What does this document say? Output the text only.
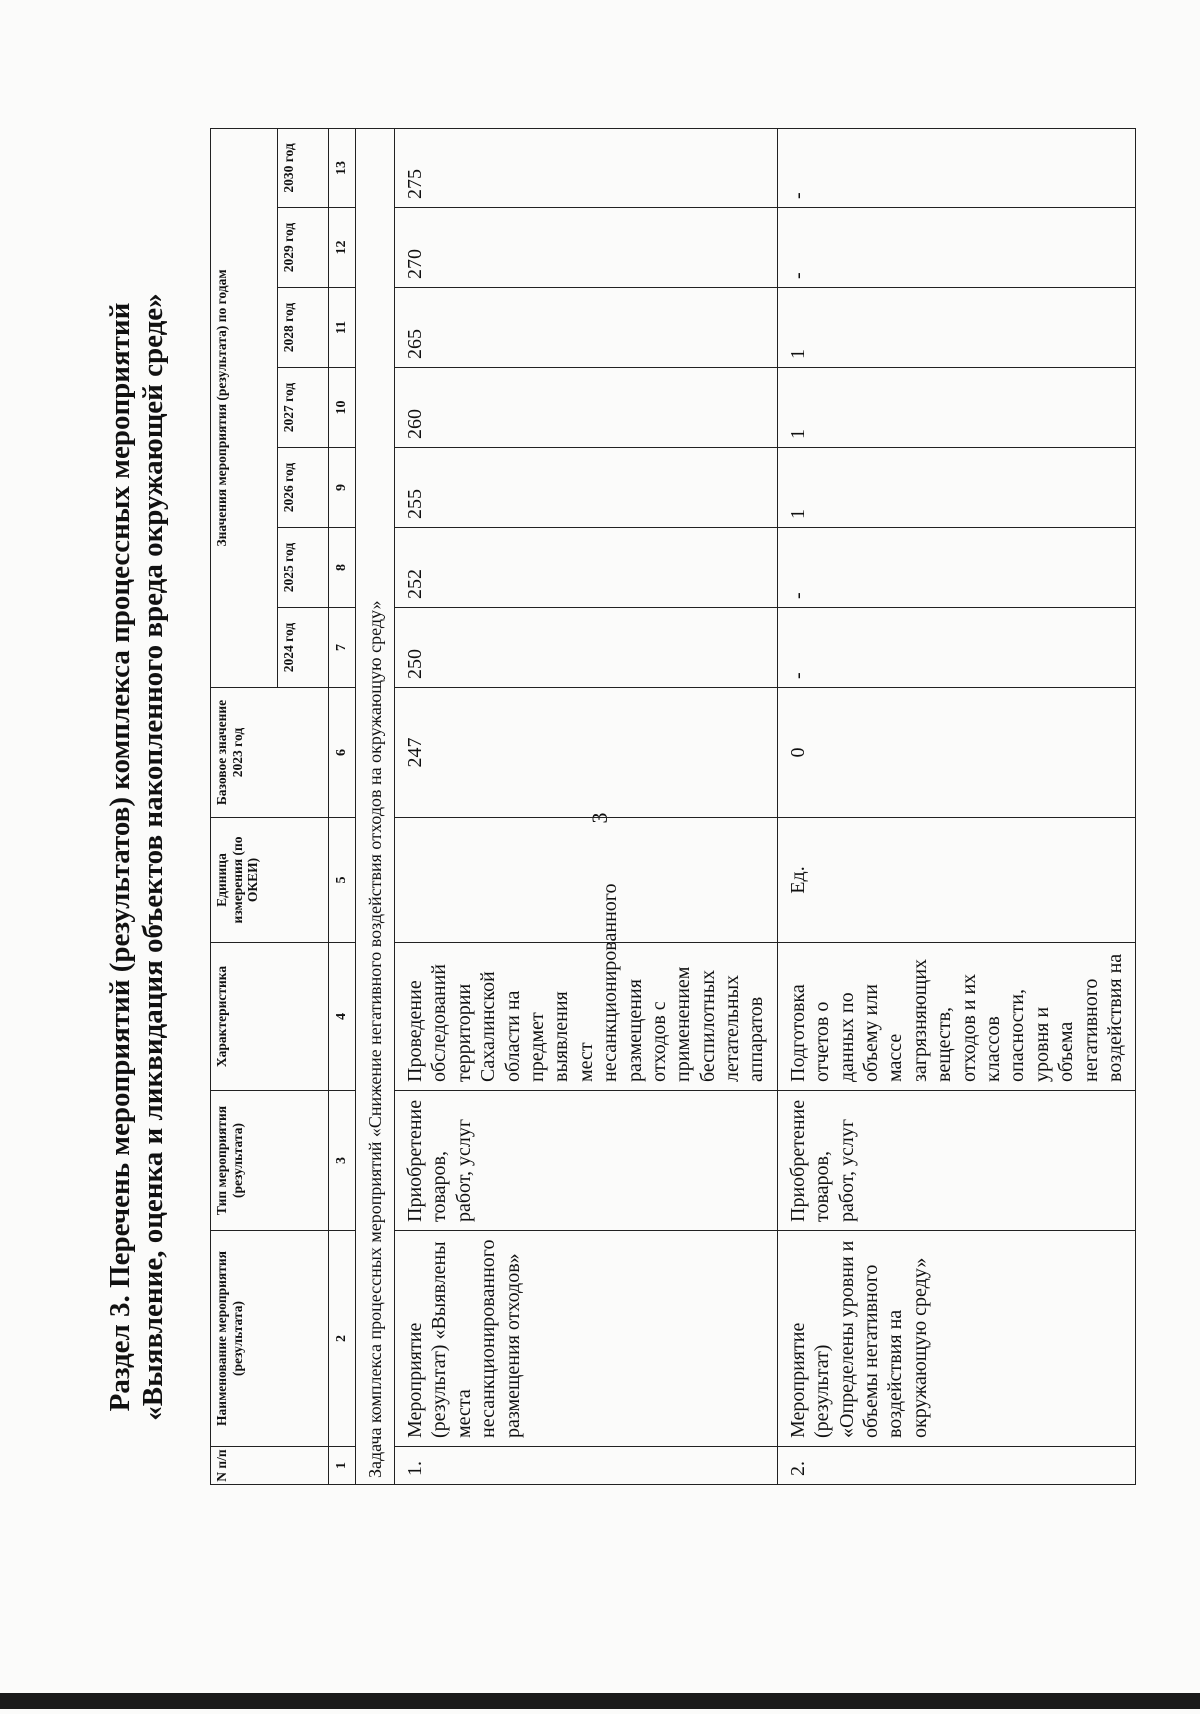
3
Раздел 3. Перечень мероприятий (результатов) комплекса процессных мероприятий «Выявление, оценка и ликвидация объектов накопленного вреда окружающей среде»
N п/п	Наименование мероприятия (результата)	Тип мероприятия (результата)	Характеристика	Единица измерения (по ОКЕИ)	Базовое значение 2023 год	Значения мероприятия (результата) по годам						
						2024 год	2025 год	2026 год	2027 год	2028 год	2029 год	2030 год
1	2	3	4	5	6	7	8	9	10	11	12	13
Задача комплекса процессных мероприятий «Снижение негативного воздействия отходов на окружающую среду»												
1.	Мероприятие (результат) «Выявлены места несанкционированного размещения отходов»	Приобретение товаров, работ, услуг	Проведение обследований территории Сахалинской области на предмет выявления мест несанкционированного размещения отходов с применением беспилотных летательных аппаратов		247	250	252	255	260	265	270	275
2.	Мероприятие (результат) «Определены уровни и объемы негативного воздействия на окружающую среду»	Приобретение товаров, работ, услуг	Подготовка отчетов о данных по объему или массе загрязняющих веществ, отходов и их классов опасности, уровня и объема негативного воздействия на	Ед.	0	-	-	1	1	1	-	-
